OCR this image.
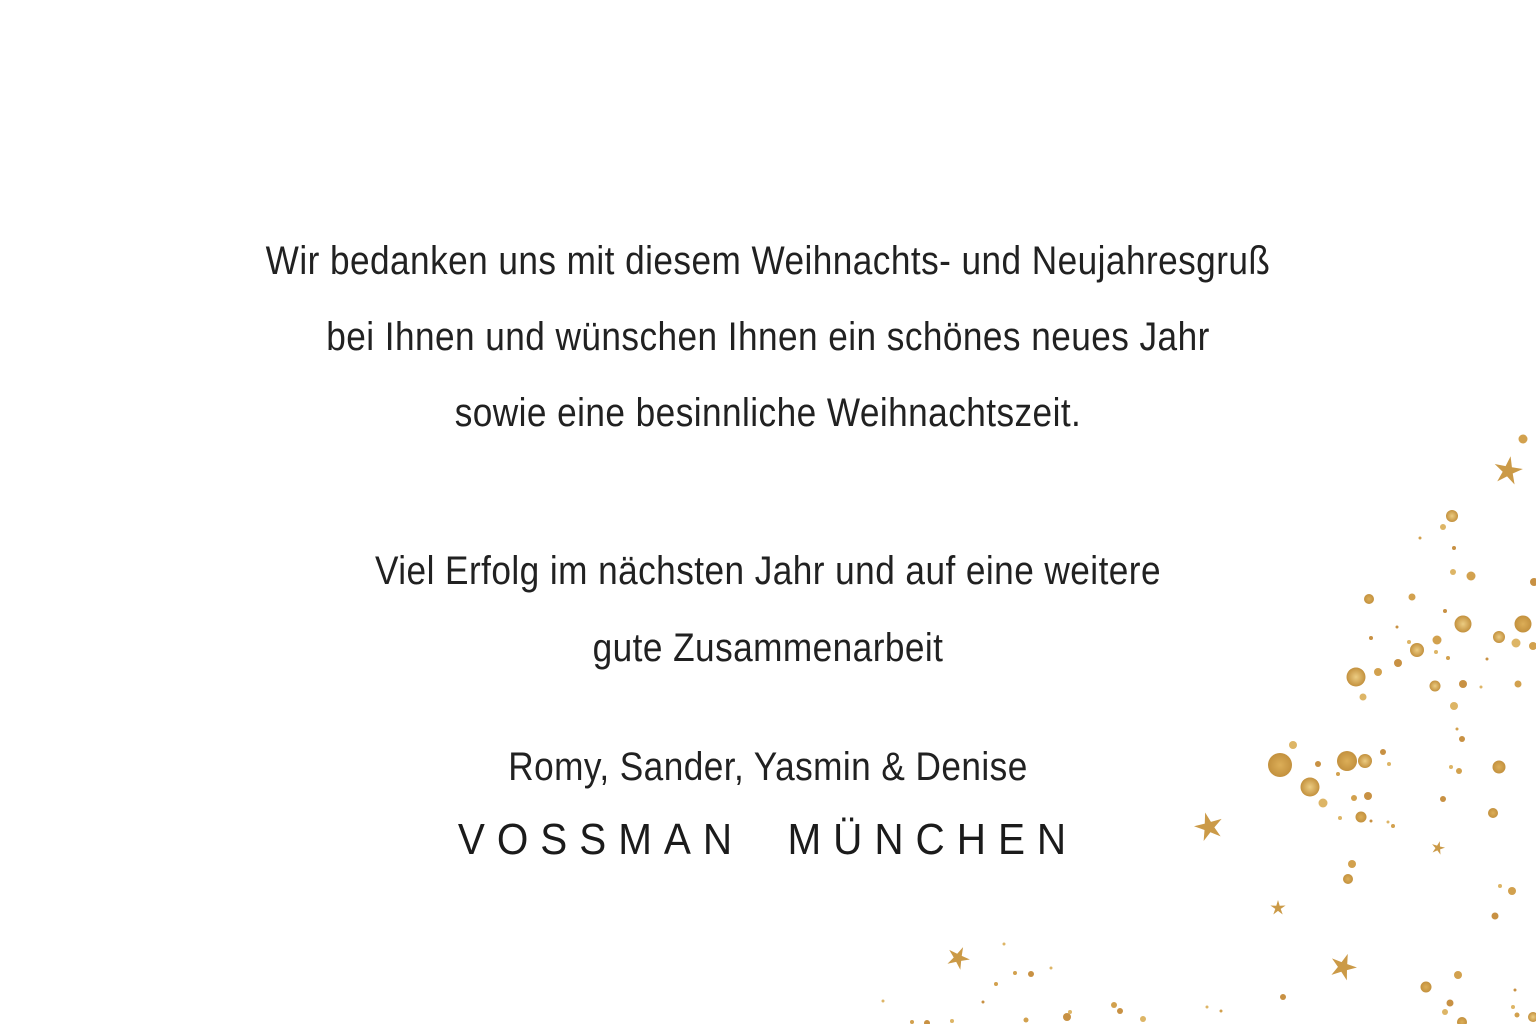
Wir bedanken uns mit diesem Weihnachts- und Neujahresgruß
bei Ihnen und wünschen Ihnen ein schönes neues Jahr
sowie eine besinnliche Weihnachtszeit.
Viel Erfolg im nächsten Jahr und auf eine weitere
gute Zusammenarbeit
Romy, Sander, Yasmin & Denise
VOSSMAN MÜNCHEN
